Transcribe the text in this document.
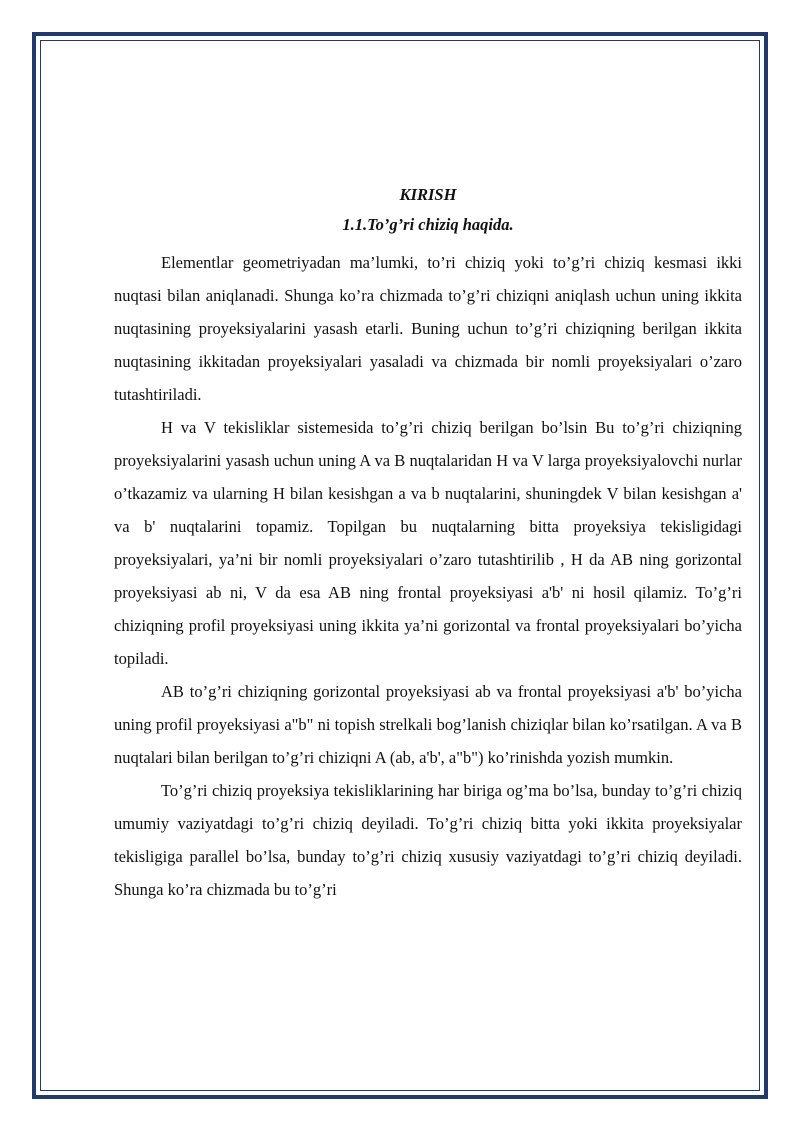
KIRISH

1.1.To’g’ri chiziq haqida.

Elementlar geometriyadan ma’lumki, to’ri chiziq yoki to’g’ri chiziq kesmasi ikki nuqtasi bilan aniqlanadi. Shunga ko’ra chizmada to’g’ri chiziqni aniqlash uchun uning ikkita nuqtasining proyeksiyalarini yasash etarli. Buning uchun to’g’ri chiziqning berilgan ikkita nuqtasining ikkitadan proyeksiyalari yasaladi va chizmada bir nomli proyeksiyalari o’zaro tutashtiriladi.

H va V tekisliklar sistemesida to’g’ri chiziq berilgan bo’lsin Bu to’g’ri chiziqning proyeksiyalarini yasash uchun uning A va B nuqtalaridan H va V larga proyeksiyalovchi nurlar o’tkazamiz va ularning H bilan kesishgan a va b nuqtalarini, shuningdek V bilan kesishgan a' va b' nuqtalarini topamiz. Topilgan bu nuqtalarning bitta proyeksiya tekisligidagi proyeksiyalari, ya’ni bir nomli proyeksiyalari o’zaro tutashtirilib , H da AB ning gorizontal proyeksiyasi ab ni, V da esa AB ning frontal proyeksiyasi a'b' ni hosil qilamiz. To’g’ri chiziqning profil proyeksiyasi uning ikkita ya’ni gorizontal va frontal proyeksiyalari bo’yicha topiladi.

AB to’g’ri chiziqning gorizontal proyeksiyasi ab va frontal proyeksiyasi a'b' bo’yicha uning profil proyeksiyasi a"b" ni topish strelkali bog’lanish chiziqlar bilan ko’rsatilgan. A va B nuqtalari bilan berilgan to’g’ri chiziqni A (ab, a'b', a"b") ko’rinishda yozish mumkin.

To’g’ri chiziq proyeksiya tekisliklarining har biriga og’ma bo’lsa, bunday to’g’ri chiziq umumiy vaziyatdagi to’g’ri chiziq deyiladi. To’g’ri chiziq bitta yoki ikkita proyeksiyalar tekisligiga parallel bo’lsa, bunday to’g’ri chiziq xususiy vaziyatdagi to’g’ri chiziq deyiladi. Shunga ko’ra chizmada bu to’g’ri
